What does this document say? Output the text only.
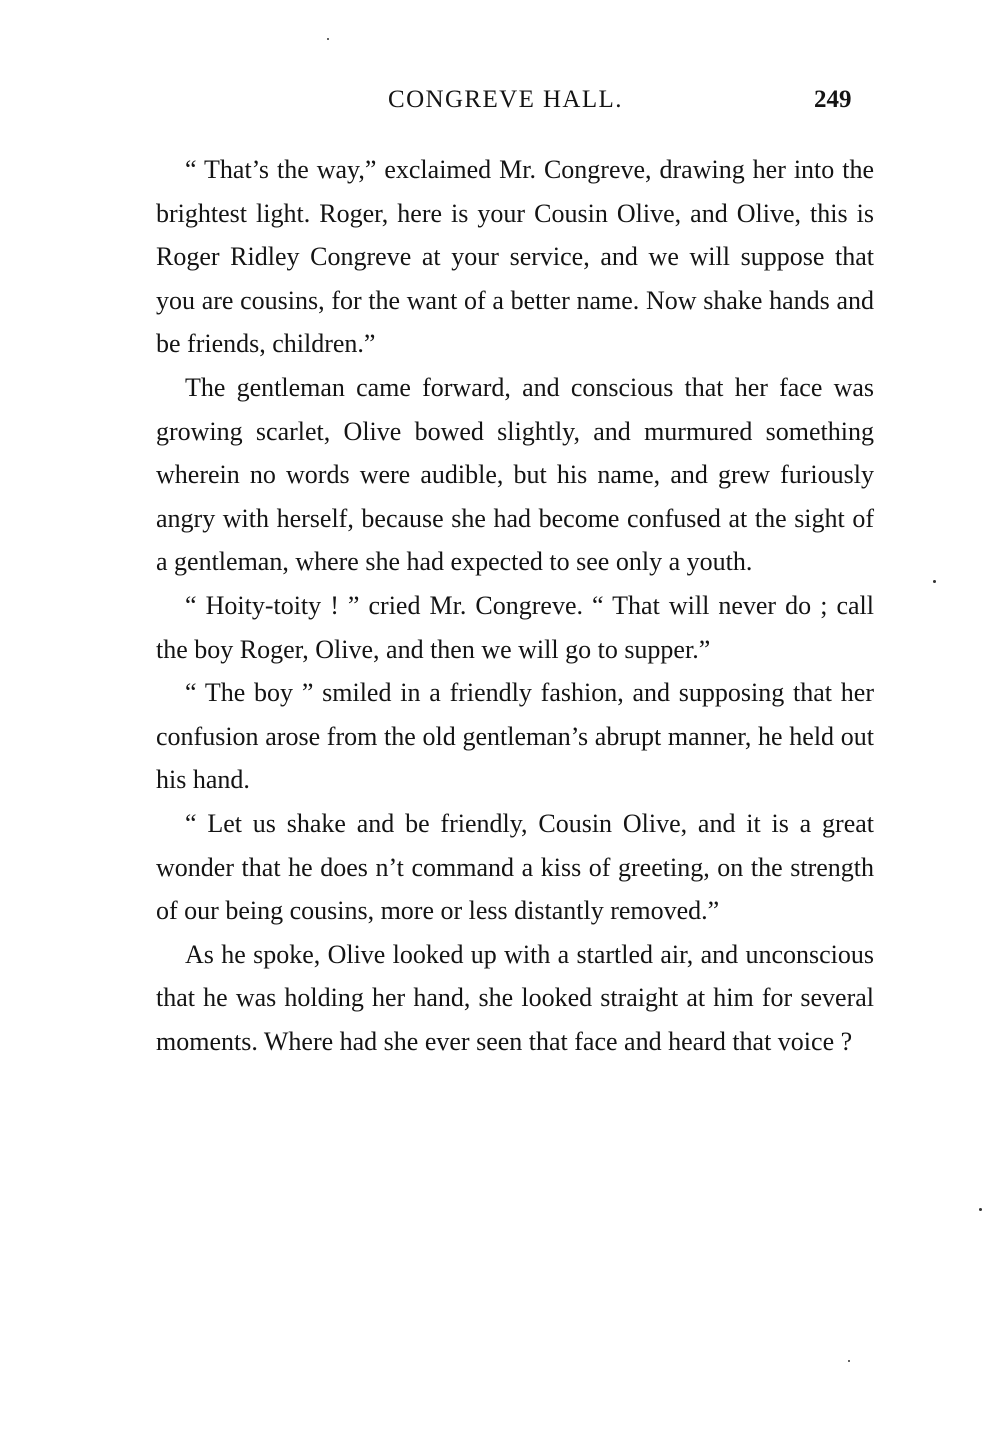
CONGREVE HALL.	249

“ That’s the way,” exclaimed Mr. Congreve, drawing her into the brightest light. Roger, here is your Cousin Olive, and Olive, this is Roger Ridley Congreve at your service, and we will suppose that you are cousins, for the want of a better name. Now shake hands and be friends, children.”

The gentleman came forward, and conscious that her face was growing scarlet, Olive bowed slightly, and murmured something wherein no words were audible, but his name, and grew furiously angry with herself, because she had become confused at the sight of a gentleman, where she had expected to see only a youth.

“ Hoity-toity ! ” cried Mr. Congreve. “ That will never do ; call the boy Roger, Olive, and then we will go to supper.”

“ The boy ” smiled in a friendly fashion, and supposing that her confusion arose from the old gentleman’s abrupt manner, he held out his hand.

“ Let us shake and be friendly, Cousin Olive, and it is a great wonder that he does n’t command a kiss of greeting, on the strength of our being cousins, more or less distantly removed.”

As he spoke, Olive looked up with a startled air, and unconscious that he was holding her hand, she looked straight at him for several moments. Where had she ever seen that face and heard that voice ?
